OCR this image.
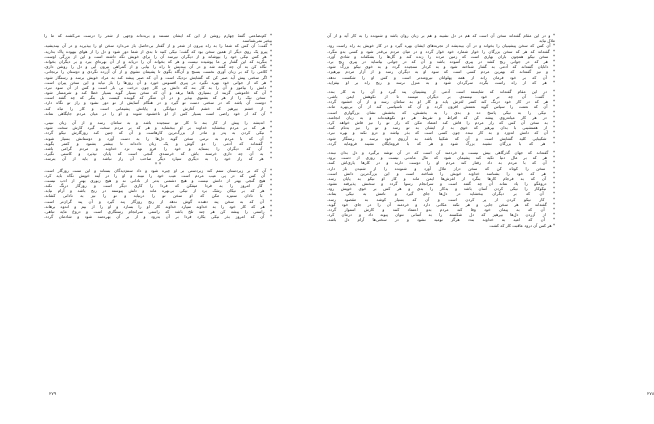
* کم‌بضاعتی گفتهٔ چهارم روشن از این که ایشان مستند و بریده‌اند وجهی از شعر را درست می‌کشند که ما را
بیخبر نمی‌شناسند
* گفت: آن کس که شما را به راه بیرون از شعر و از گفتار بی‌حاصل باز می‌دارد سخن او را بپذیرید و در آن بیندیشید.
* پیرو یک روی دیگر از همین سخن بود که گفت: نیکی کنید تا بدی از شما دور شود و دل را از هوای بیهوده پاک بدارید.
* هر کس نیکی خود را بپوشاند و از دیگران نپرسد آن را برای خویش نگه داشته است و این از بزرگی اوست.
* بنگرید که این گفتار بر ما پوشیده نیست و هر که بخواند آن را دریابد و از آن بهره‌ای ببرد و بر دیگران بخواند.
* نگاه کن به آن چه گفته شد و در آن بیندیش تا راه را بیابی و از گمراهی بیرون آیی و دل را روشن داری.
* کلامی را که بر زبان آوری نخست بسنج و آن‌گاه بگوی تا پشیمان نشوی و از آن آزرده نگردی و دوستان را نرنجانی.
* اگر سختی پیش آید صبر کن که گشایش نزدیک است و آن که صبر پیشه کند به مراد خویش برسد و رستگار شود.
* هر که از جوانی خود بهره نگیرد در پیری افسوس خورد و آن روزها را باز نیابد و این سخن پیران است.
* دانش را بیاموز و آن را به کار بند که دانش بی کار چون درخت بی بار است و کس از آن سود نبرد.
* آن که خاموشی گزیند از بسیاری بلاها برهد و آن که سخن بسیار گوید بسیار خطا کند و شرمسار شود.
* سخن نیک را از هر که بشنوی بپذیر و در آن منگر که گوینده کیست بل بنگر که چه گفته است.
* دوست آن باشد که در سختی دست تو گیرد و در هنگام آسایش از تو دور نشود و راز تو نگاه دارد.
* از خشم بپرهیز که خشم آغازش دیوانگی و پایانش پشیمانی است و کار را تباه کند.
* آن که از خود راضی است بسیار کس از او ناخشنود شوند و او را در میان مردم جایگاهی نماند.
* اندیشه را پیش از کار بنه تا کار تو سنجیده باشد و به سامان رسد و از آن زیان نبینی.
* هر که بر مردم ببخشاید خداوند بر او ببخشاید و هر که بر مردم سخت گیرد کارش سخت شود.
* نیکی کردن به پدر و مادر از بزرگ‌ترین کارهاست و آن که چنین کند روزگارش نیکو گردد.
* آن که با مردم به نرمی سخن گوید دل‌ها را به دست آورد و دوستانش بسیار شوند.
* گفته‌اند که آدمی را دو گوش و یک زبان داده‌اند تا بیشتر بشنود و کمتر بگوید.
* آن که دیگران را بستاید و خود را فرو نهد نزد خداوند و مردم گرامی باشد.
* به آن چه داری خرسند باش که خرسندی گنجی است که پایان نپذیرد و کاستی نگیرد.
* هر که راز خود را به دیگری سپارد دیگر صاحب آن راز نباشد و باید از آن بترسد.
* *
* آن که بر زیردستان ستم کند زبردستی بر او چیره شود و داد ستم‌دیدگان بستاند و این سنت روزگار است.
* آن کس که در پی عیب مردم است عیب خود را نبیند و او را در آینه خویش نگاه باید کرد.
* هیچ گنجی بهتر از دانش نیست و هیچ دشمنی بدتر از نادانی نه و هیچ زیوری بهتر از ادب نیست.
* کار امروز را به فردا میفکن که فردا را کاری دیگر است و روزگار درنگ نکند.
* هر که بر نیکان رشک برد از نیکی بی‌بهره ماند و دلش پیوسته در رنج باشد و آرام نیابد.
* با نادان ستیزه مکن که او سخن تو را درنیابد و تو را نیز به نادانی کشاند.
* آن که به سخن پند دهنده گوش ندهد از رنج روزگار پند گیرد و آن پند گران‌تر است.
* هر که کار خود را به خداوند سپارد خداوند کار او را بسازد و او را از بیم و اندوه برهاند.
* راستی را پیشه کن هر چند تلخ باشد که راستی سرانجام رستگاری است و دروغ مایه تباهی.
* آن که امروز بذر نیکی بکارد فردا بر آن بدرود و از بر آن بهره‌مند شود و شادمان گردد.
٢٧٩
* و در این مقام گفته‌اند سخن آن است که هم در دل نشیند و هم بر زبان روان باشد و شنونده را به کار آید و از آن
ملال نیاید
* آن کس که سخن پیشینیان را بخواند و در آن بیندیشد از تجربه‌های ایشان بهره گیرد و در کار خویش به راه راست رود.
* گفته‌اند که هر که سخن بزرگان را خوار شمارد خود خوار گردد و در میان مردم بی‌قدر شود و کسی بدو ننگرد.
* سخن نیکو همچون باران بهاری است که زمین مرده را زنده کند و گل‌ها را بشکفاند و شادی آورد.
* هر که در جوانی رنج کشد در پیری آسوده باشد و آن که در جوانی بیاساید در پیری رنج برد.
* دانایان گفته‌اند که آدمی به گفتار شناخته شود و به کردار سنجیده گردد و به خوی نیکو بزرگ شود.
* و نیز گفته‌اند که بهترین مردم کسی است که سود او به دیگران رسد و از آزار مردم بپرهیزد.
* آن که بر خود فرمان راند از همه پهلوانان نیرومندتر است و کس او را شکست ندهد.
* هر که از راه راست بگردد سرگردان شود و به منزل نرسد و رنج راه بر او بیفزاید.
* در این مقام گفته‌اند که شایسته است آدمی از پیشینیان پند گیرد و آن را به کار بندد.
* گفت: آن چه بر خود نپسندی بر دیگران مپسند تا از نکوهش ایمن باشی.
* هر که در کار خود درنگ کند کمتر لغزش یابد و کار او به سامان رسد و از آن خشنود گردد.
* آن که نعمت را سپاس گوید نعمتش افزون گردد و آن که ناسپاسی کند از آن بی‌بهره ماند.
* نیکی را به نیکی پاسخ ده و بدی را به بخشش، که بخشش نشان بزرگواری است.
* در هر کار میانه‌روی پیشه کن که افراط و تفریط هر دو نکوهیده‌اند و به زیان انجامند.
* به سخن آن کس که راز مردم را فاش کند اعتماد مکن که راز تو را نیز فاش خواهد کرد.
* از همنشینی با بدان بپرهیز که خوی بد از ایشان به تو رسد و تو را نیز بدنام کنند.
* آن که دانش اندوزد و به کار نبندد چون کسی است که بذر بپاشد و درو نکند و بهره نبرد.
* شکیبایی کلید گشایش است و آن که شکیبا باشد به آرزوی خود برسد و رستگار شود.
* هر که با بزرگان نشیند بزرگ شود و هر که با فرومایگان نشیند فرومایه گردد.
* گفته‌اند که جهان گذرگاهی بیش نیست و خردمند آن است که در آن توشه برگیرد و دل بدان نبندد.
* هر که بر مال دنیا تکیه کند پشیمان شود که مال ماندنی نیست و روزی از دست برود.
* آن که با مردم به داد رفتار کند مردم او را دوست دارند و در کارها یاری‌اش کنند.
* سخن را کوتاه کن که سخن دراز ملال آورد و شنونده را از شنیدن باز دارد.
* هر که خود را بشناسد خداوند خویش را شناخته است و این بزرگ‌ترین دانش است.
* آن که به فرجام کارها بنگرد از لغزش‌ها ایمن ماند و کار او نیکو به پایان رسد.
* دروغگو را یاد نماند آن چه گفته است و سرانجام رسوا گردد و سخنش پذیرفته نشود.
* نیکوکار را نیکی کردن آسان باشد و بدکار را بدی و هر کس بر خوی خویش رود.
* آن که بر دیگران ببخشاید در دل‌ها جای گیرد و نامش به نیکی بماند.
* کار نیکو کردن از پر کردن است و آن که بسیار کوشد به مقصود رسد.
* گفته‌اند که هر سخن جایی و هر نکته مکانی دارد و خردمند آن را در جای خود گوید.
* آن که به پیمان خود وفا کند مردم بدو اعتماد کنند و کارش استوار گردد.
* از آزردن دل‌ها بپرهیز که دل شکسته را به آسانی نتوان پیوند داد و درمان کرد.
* آن که امید به خداوند بندد هرگز نومید نشود و در سختی‌ها آرام دل باشد.
* هر کس آن درود عاقبت کار که کشت
٢٧٨
